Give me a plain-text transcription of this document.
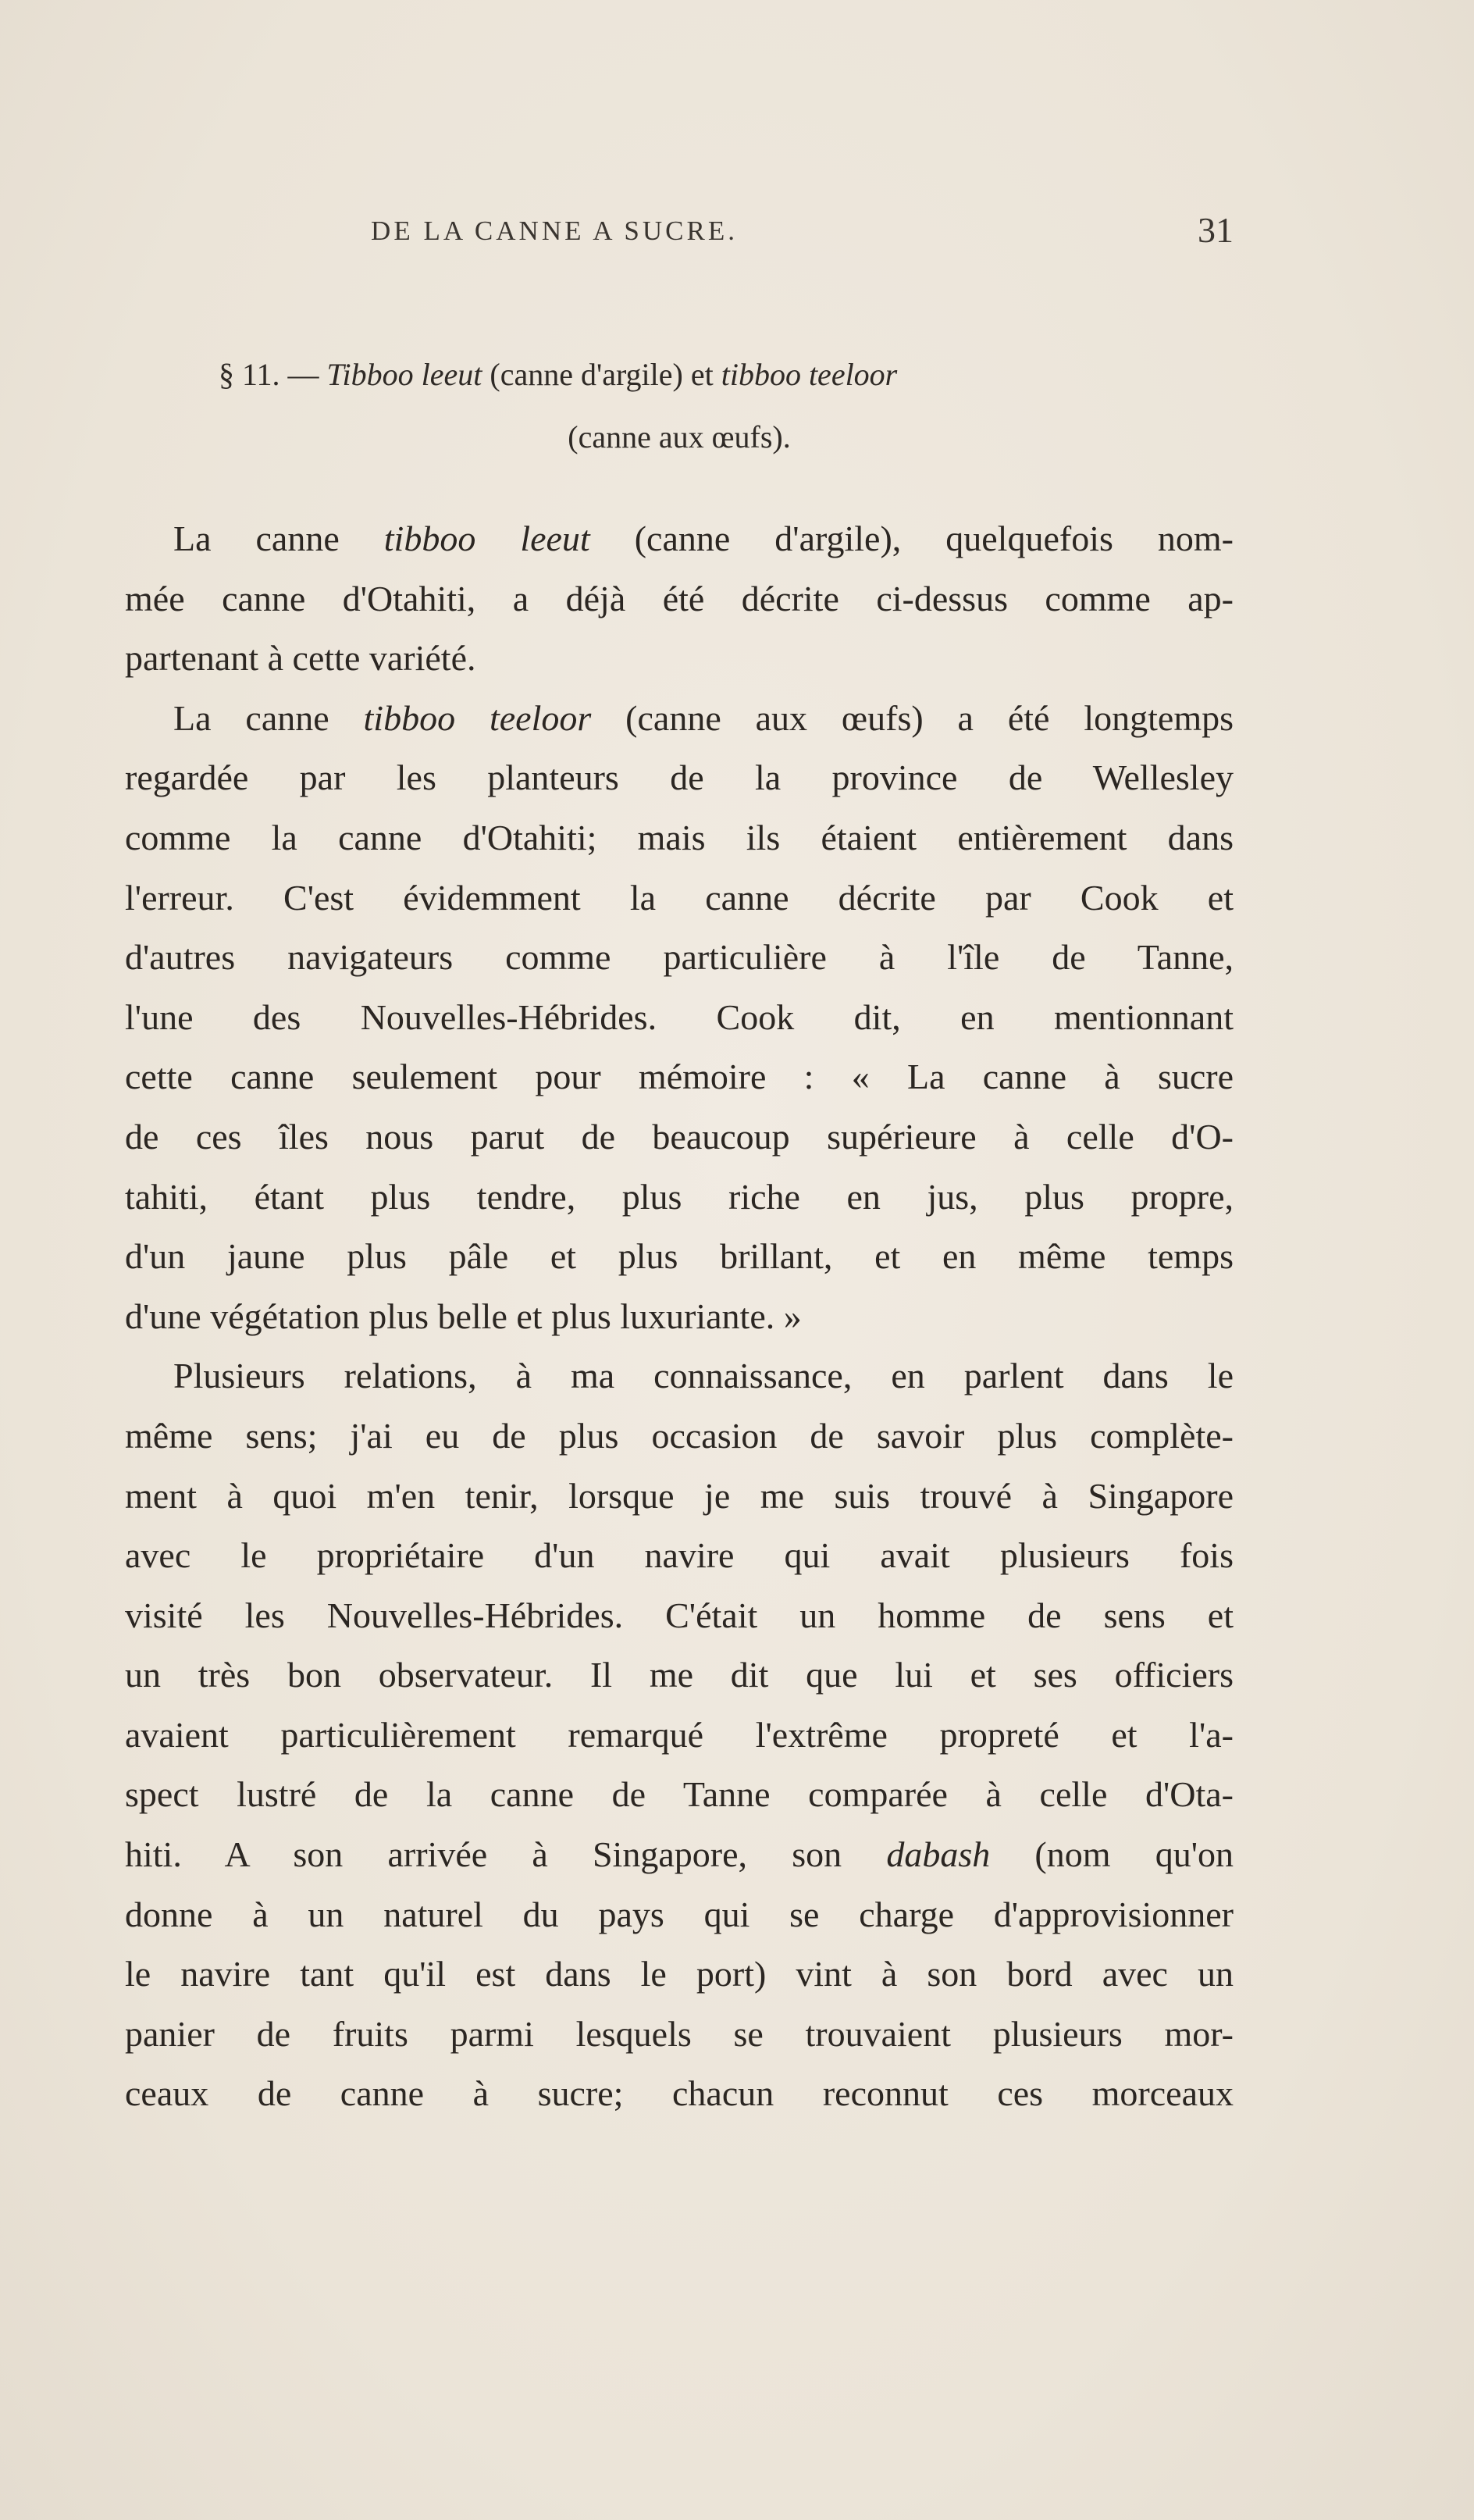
DE LA CANNE A SUCRE.	31
§ 11. — Tibboo leeut (canne d'argile) et tibboo teeloor
(canne aux œufs).

La canne tibboo leeut (canne d'argile), quelquefois nom-

mée canne d'Otahiti, a déjà été décrite ci-dessus comme ap-

partenant à cette variété.

La canne tibboo teeloor (canne aux œufs) a été longtemps

regardée par les planteurs de la province de Wellesley

comme la canne d'Otahiti; mais ils étaient entièrement dans

l'erreur. C'est évidemment la canne décrite par Cook et

d'autres navigateurs comme particulière à l'île de Tanne,

l'une des Nouvelles-Hébrides. Cook dit, en mentionnant

cette canne seulement pour mémoire : « La canne à sucre

de ces îles nous parut de beaucoup supérieure à celle d'O-

tahiti, étant plus tendre, plus riche en jus, plus propre,

d'un jaune plus pâle et plus brillant, et en même temps

d'une végétation plus belle et plus luxuriante. »

Plusieurs relations, à ma connaissance, en parlent dans le

même sens; j'ai eu de plus occasion de savoir plus complète-

ment à quoi m'en tenir, lorsque je me suis trouvé à Singapore

avec le propriétaire d'un navire qui avait plusieurs fois

visité les Nouvelles-Hébrides. C'était un homme de sens et

un très bon observateur. Il me dit que lui et ses officiers

avaient particulièrement remarqué l'extrême propreté et l'a-

spect lustré de la canne de Tanne comparée à celle d'Ota-

hiti. A son arrivée à Singapore, son dabash (nom qu'on

donne à un naturel du pays qui se charge d'approvisionner

le navire tant qu'il est dans le port) vint à son bord avec un

panier de fruits parmi lesquels se trouvaient plusieurs mor-

ceaux de canne à sucre; chacun reconnut ces morceaux
